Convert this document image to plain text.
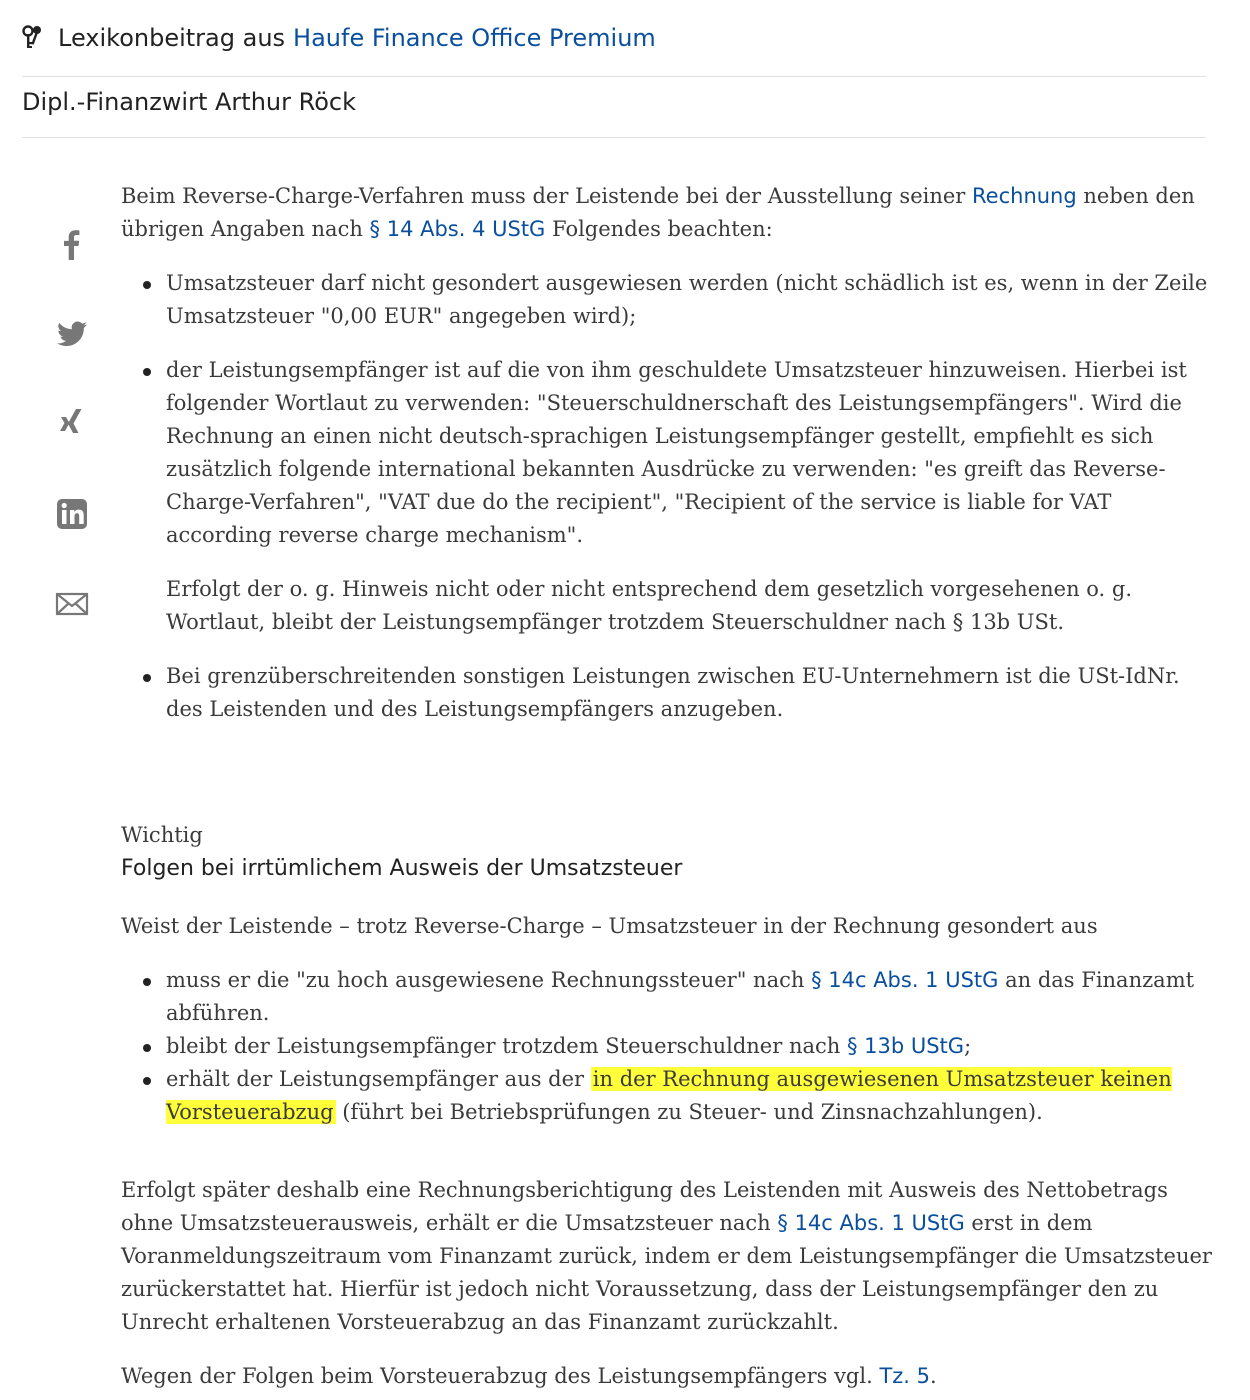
Lexikonbeitrag aus Haufe Finance Office Premium
Dipl.-Finanzwirt Arthur Röck

Beim Reverse-Charge-Verfahren muss der Leistende bei der Ausstellung seiner Rechnung neben den übrigen Angaben nach § 14 Abs. 4 UStG Folgendes beachten:

Umsatzsteuer darf nicht gesondert ausgewiesen werden (nicht schädlich ist es, wenn in der Zeile Umsatzsteuer "0,00 EUR" angegeben wird);
der Leistungsempfänger ist auf die von ihm geschuldete Umsatzsteuer hinzuweisen. Hierbei ist folgender Wortlaut zu verwenden: "Steuerschuldnerschaft des Leistungsempfängers". Wird die Rechnung an einen nicht deutsch-sprachigen Leistungsempfänger gestellt, empfiehlt es sich zusätzlich folgende international bekannten Ausdrücke zu verwenden: "es greift das Reverse-Charge-Verfahren", "VAT due do the recipient", "Recipient of the service is liable for VAT according reverse charge mechanism".
Erfolgt der o. g. Hinweis nicht oder nicht entsprechend dem gesetzlich vorgesehenen o. g. Wortlaut, bleibt der Leistungsempfänger trotzdem Steuerschuldner nach § 13b USt.
Bei grenzüberschreitenden sonstigen Leistungen zwischen EU-Unternehmern ist die USt-IdNr. des Leistenden und des Leistungsempfängers anzugeben.
Wichtig
Folgen bei irrtümlichem Ausweis der Umsatzsteuer

Weist der Leistende – trotz Reverse-Charge – Umsatzsteuer in der Rechnung gesondert aus

muss er die "zu hoch ausgewiesene Rechnungssteuer" nach § 14c Abs. 1 UStG an das Finanzamt abführen.
bleibt der Leistungsempfänger trotzdem Steuerschuldner nach § 13b UStG;
erhält der Leistungsempfänger aus der in der Rechnung ausgewiesenen Umsatzsteuer keinen Vorsteuerabzug (führt bei Betriebsprüfungen zu Steuer- und Zinsnachzahlungen).

Erfolgt später deshalb eine Rechnungsberichtigung des Leistenden mit Ausweis des Nettobetrags ohne Umsatzsteuerausweis, erhält er die Umsatzsteuer nach § 14c Abs. 1 UStG erst in dem Voranmeldungszeitraum vom Finanzamt zurück, indem er dem Leistungsempfänger die Umsatzsteuer zurückerstattet hat. Hierfür ist jedoch nicht Voraussetzung, dass der Leistungsempfänger den zu Unrecht erhaltenen Vorsteuerabzug an das Finanzamt zurückzahlt.

Wegen der Folgen beim Vorsteuerabzug des Leistungsempfängers vgl. Tz. 5.
